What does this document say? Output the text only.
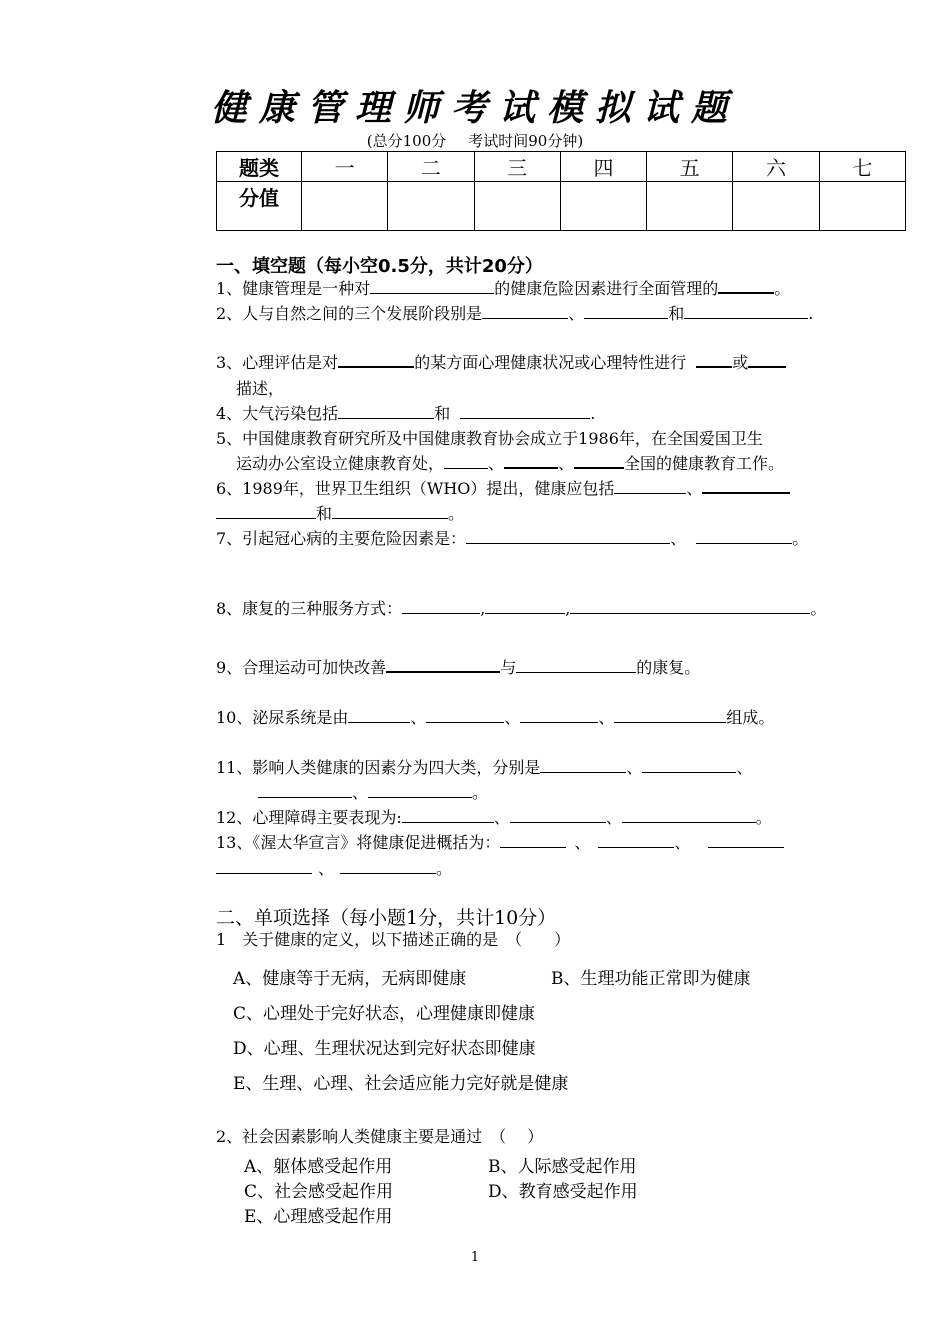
健康管理师考试模拟试题
(总分100分 考试时间90分钟)
题类	一	二	三	四	五	六	七
分值							
一、填空题（每小空0.5分，共计20分）
1、健康管理是一种对	的健康危险因素进行全面管理的	。
2、人与自然之间的三个发展阶段别是	、	和	.
3、心理评估是对	的某方面心理健康状况或心理特性进行	或
描述，
4、大气污染包括	和	.
5、中国健康教育研究所及中国健康教育协会成立于1986年，在全国爱国卫生
运动办公室设立健康教育处，	、	、	全国的健康教育工作。
6、1989年，世界卫生组织（WHO）提出，健康应包括	、
和	。
7、引起冠心病的主要危险因素是：	、	。
8、康复的三种服务方式：	,	,	。
9、合理运动可加快改善	与	的康复。
10、泌尿系统是由	、	、	、	组成。
11、影响人类健康的因素分为四大类，分别是	、	、
、	。
12、心理障碍主要表现为:	、	、	。
13、《渥太华宣言》将健康促进概括为：	、	、
、	。
二、单项选择（每小题1分，共计10分）
1　关于健康的定义，以下描述正确的是　（　　）
A、健康等于无病，无病即健康	B、生理功能正常即为健康
C、心理处于完好状态，心理健康即健康
D、心理、生理状况达到完好状态即健康
E、生理、心理、社会适应能力完好就是健康
2、社会因素影响人类健康主要是通过　（　 ）
A、躯体感受起作用	B、人际感受起作用
C、社会感受起作用	D、教育感受起作用
E、心理感受起作用
1
